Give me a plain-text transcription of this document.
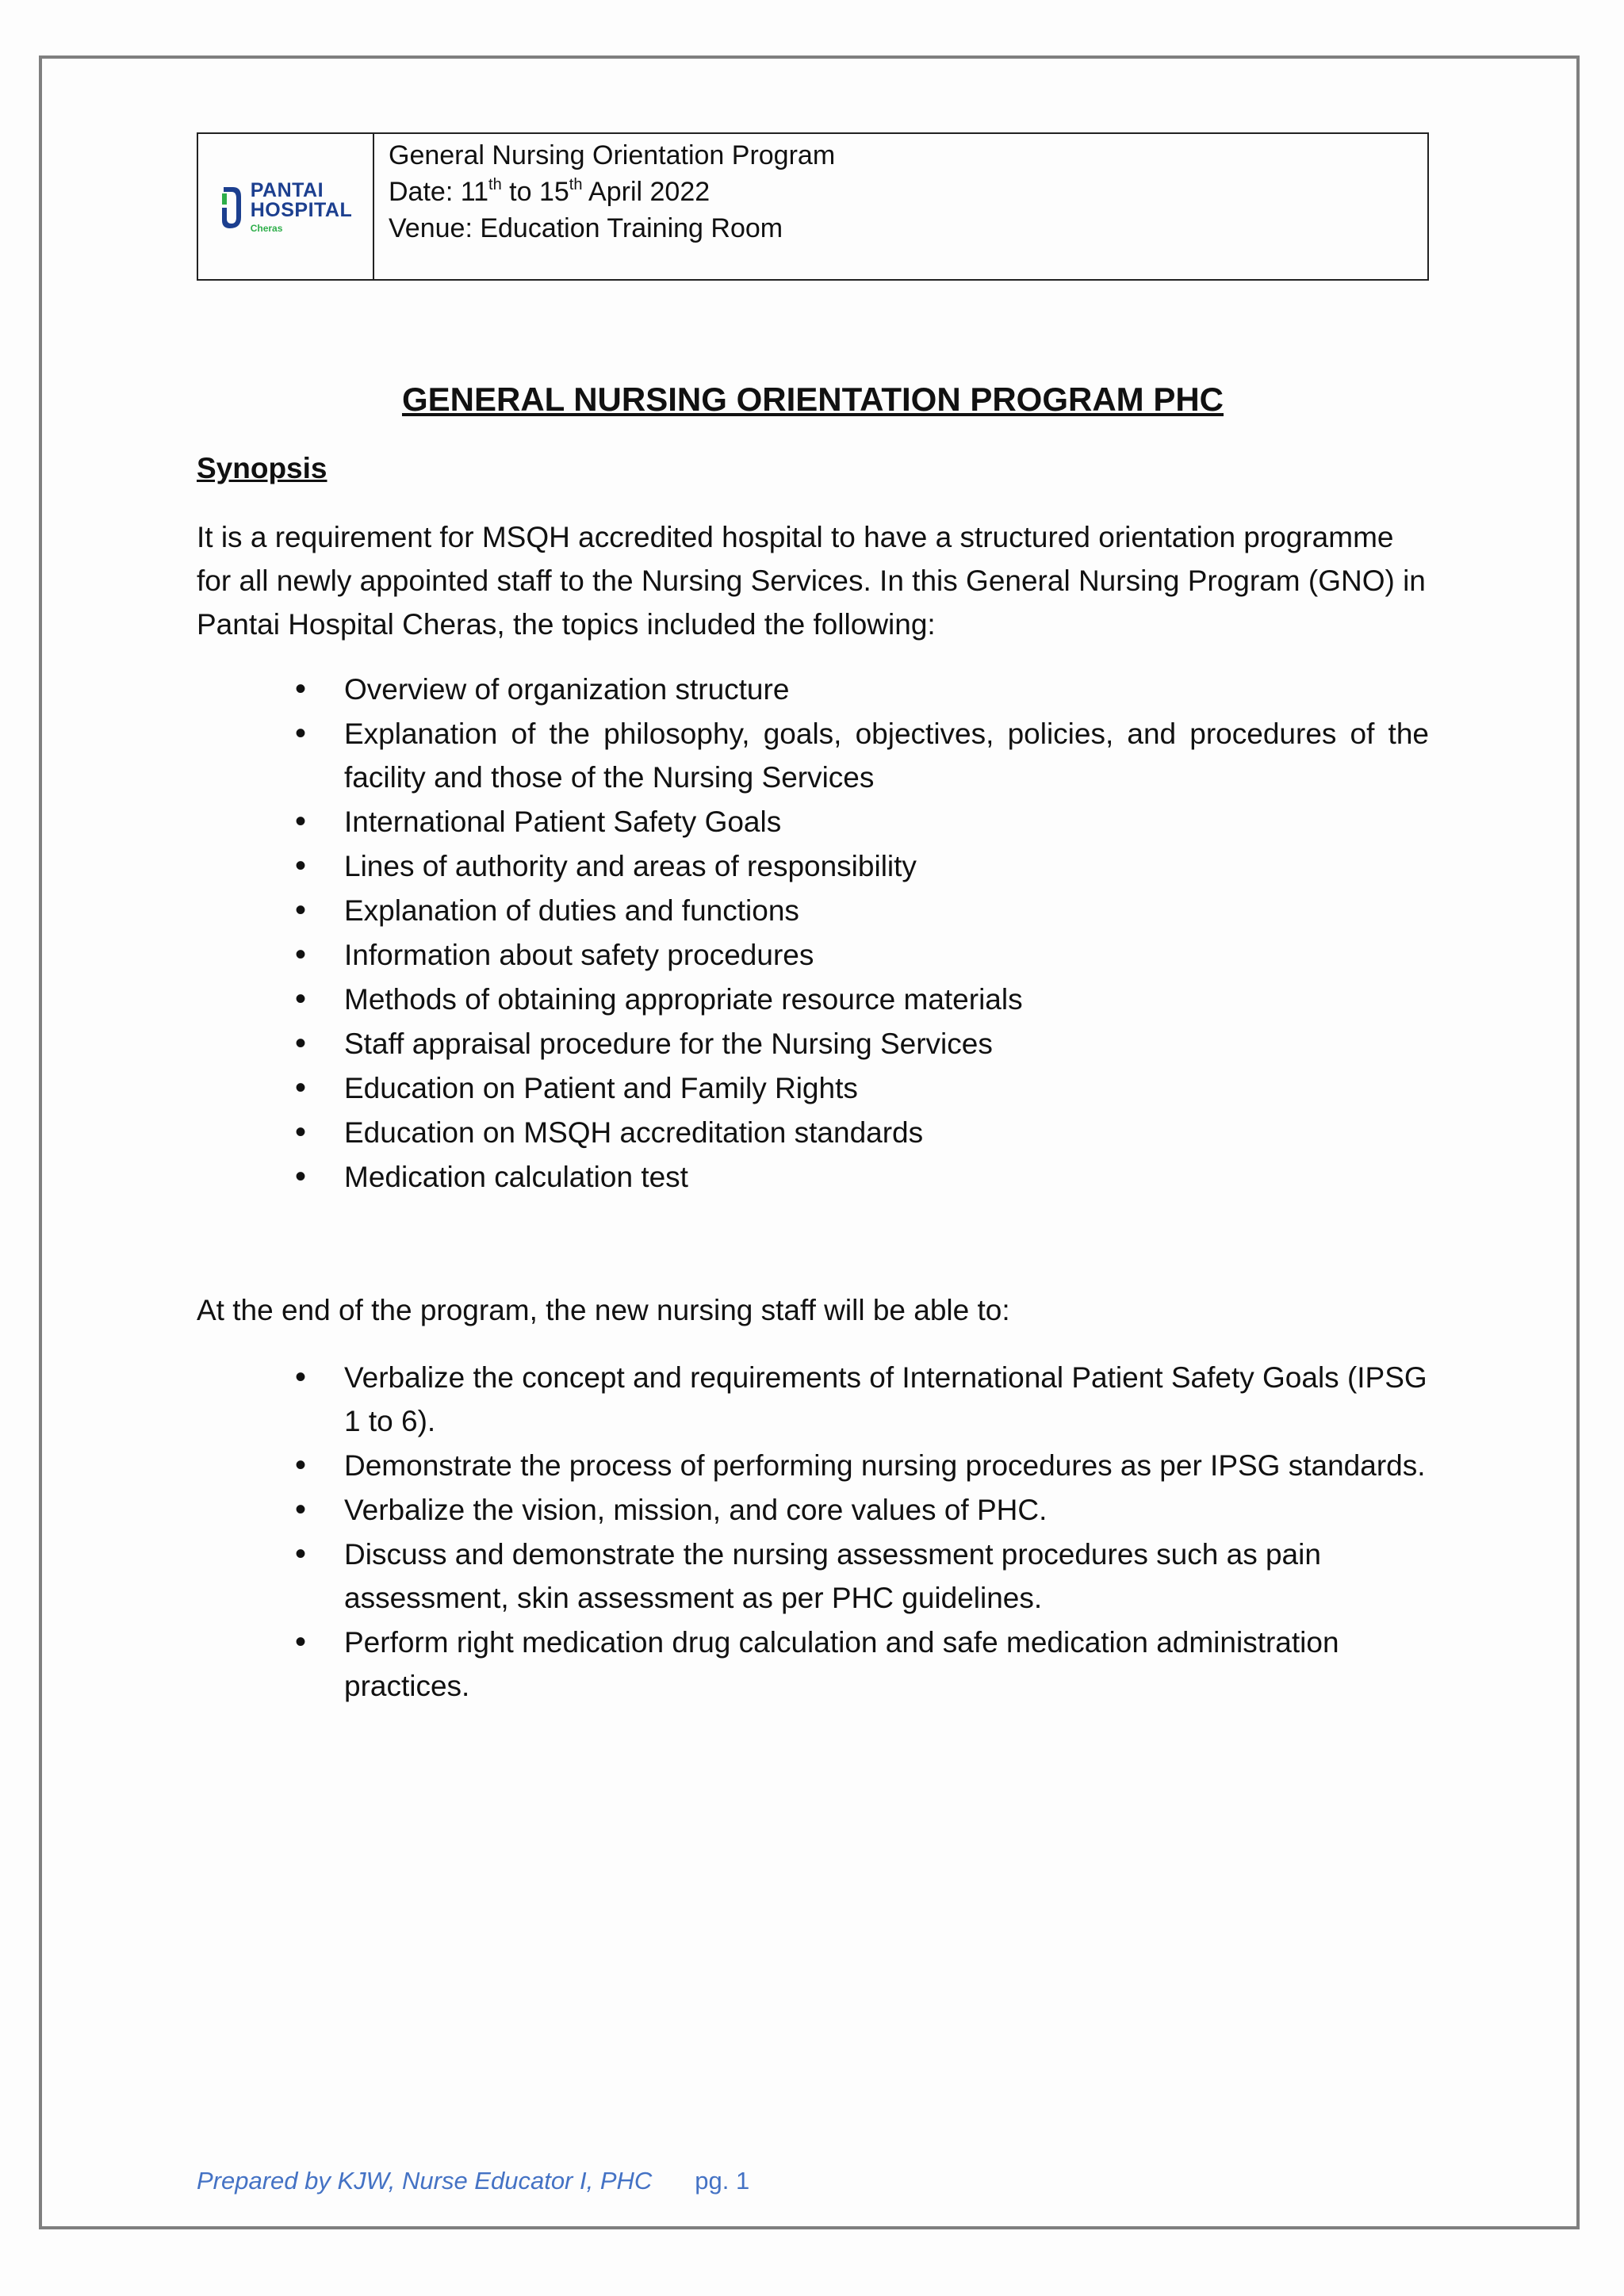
PANTAI
HOSPITAL
Cheras
General Nursing Orientation Program
Date: 11th to 15th April 2022
Venue: Education Training Room
GENERAL NURSING ORIENTATION PROGRAM PHC
Synopsis

It is a requirement for MSQH accredited hospital to have a structured orientation programme for all newly appointed staff to the Nursing Services. In this General Nursing Program (GNO) in Pantai Hospital Cheras, the topics included the following:

• Overview of organization structure
• Explanation of the philosophy, goals, objectives, policies, and procedures of the facility and those of the Nursing Services
• International Patient Safety Goals
• Lines of authority and areas of responsibility
• Explanation of duties and functions
• Information about safety procedures
• Methods of obtaining appropriate resource materials
• Staff appraisal procedure for the Nursing Services
• Education on Patient and Family Rights
• Education on MSQH accreditation standards
• Medication calculation test

At the end of the program, the new nursing staff will be able to:

• Verbalize the concept and requirements of International Patient Safety Goals (IPSG 1 to 6).
• Demonstrate the process of performing nursing procedures as per IPSG standards.
• Verbalize the vision, mission, and core values of PHC.
• Discuss and demonstrate the nursing assessment procedures such as pain assessment, skin assessment as per PHC guidelines.
• Perform right medication drug calculation and safe medication administration practices.
Prepared by KJW, Nurse Educator I, PHC pg. 1
